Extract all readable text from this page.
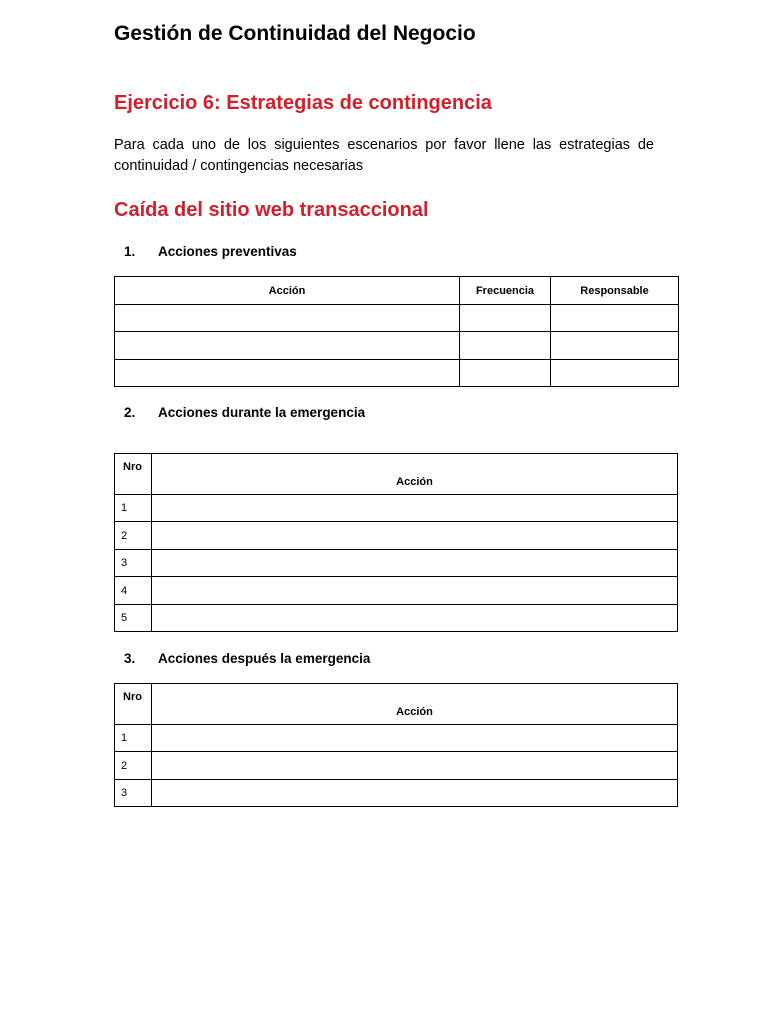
Gestión de Continuidad del Negocio
Ejercicio 6: Estrategias de contingencia

Para cada uno de los siguientes escenarios por favor llene las estrategias de continuidad / contingencias necesarias

Caída del sitio web transaccional

1. Acciones preventivas

Acción	Frecuencia	Responsable

2. Acciones durante la emergencia

Nro	Acción
1	
2	
3	
4	
5	

3. Acciones después la emergencia

Nro	Acción
1	
2	
3	
